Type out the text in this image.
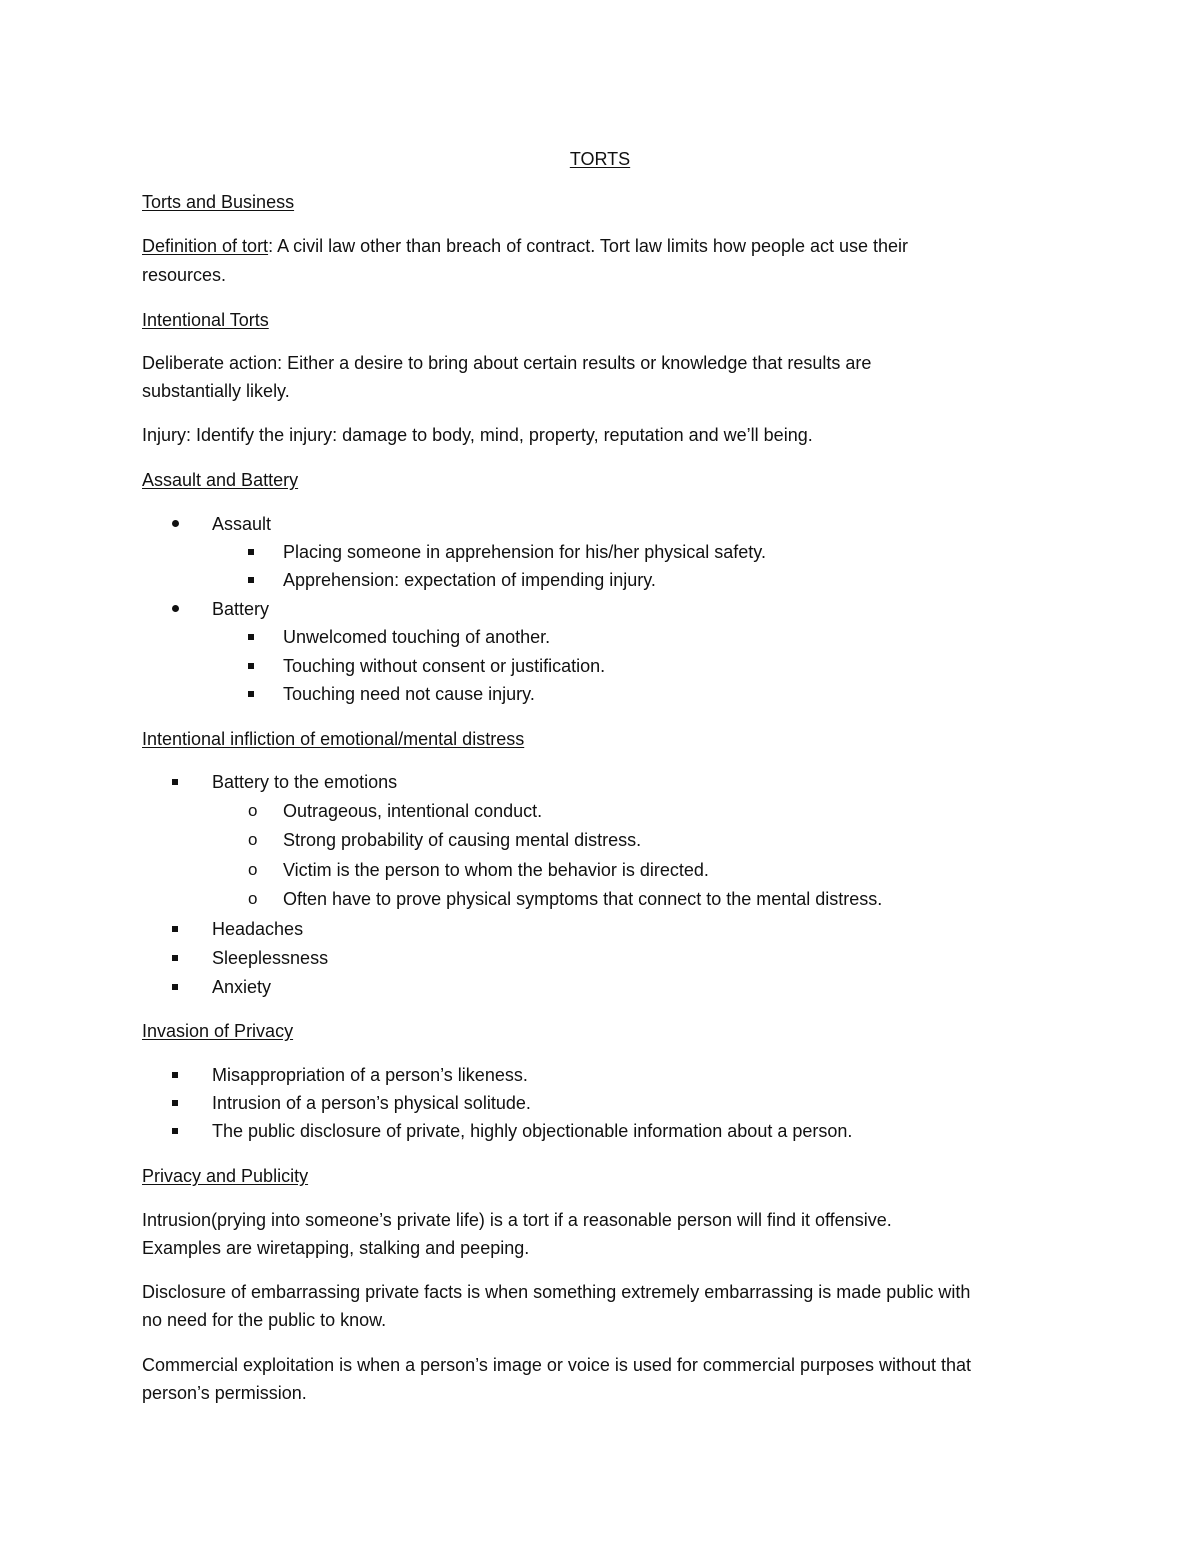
TORTS
Torts and Business
Definition of tort: A civil law other than breach of contract. Tort law limits how people act use their
resources.
Intentional Torts
Deliberate action: Either a desire to bring about certain results or knowledge that results are
substantially likely.
Injury: Identify the injury: damage to body, mind, property, reputation and we’ll being.
Assault and Battery
Assault
Placing someone in apprehension for his/her physical safety.
Apprehension: expectation of impending injury.
Battery
Unwelcomed touching of another.
Touching without consent or justification.
Touching need not cause injury.
Intentional infliction of emotional/mental distress
Battery to the emotions
o Outrageous, intentional conduct.
o Strong probability of causing mental distress.
o Victim is the person to whom the behavior is directed.
o Often have to prove physical symptoms that connect to the mental distress.
Headaches
Sleeplessness
Anxiety
Invasion of Privacy
Misappropriation of a person’s likeness.
Intrusion of a person’s physical solitude.
The public disclosure of private, highly objectionable information about a person.
Privacy and Publicity
Intrusion(prying into someone’s private life) is a tort if a reasonable person will find it offensive.
Examples are wiretapping, stalking and peeping.
Disclosure of embarrassing private facts is when something extremely embarrassing is made public with
no need for the public to know.
Commercial exploitation is when a person’s image or voice is used for commercial purposes without that
person’s permission.
